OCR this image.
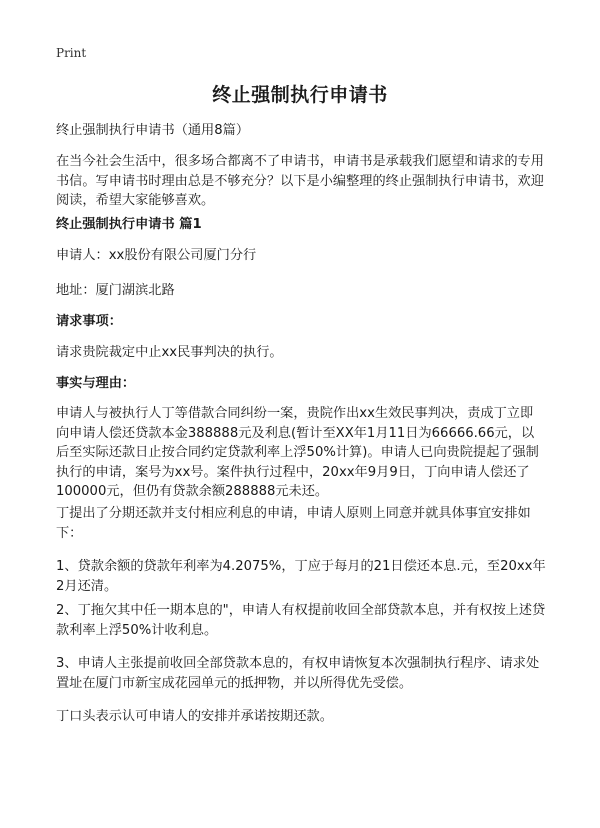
Print
终止强制执行申请书

终止强制执行申请书（通用8篇）

在当今社会生活中，很多场合都离不了申请书，申请书是承载我们愿望和请求的专用书信。写申请书时理由总是不够充分？以下是小编整理的终止强制执行申请书，欢迎阅读，希望大家能够喜欢。

终止强制执行申请书 篇1

申请人：xx股份有限公司厦门分行

地址：厦门湖滨北路

请求事项：

请求贵院裁定中止xx民事判决的执行。

事实与理由：

申请人与被执行人丁等借款合同纠纷一案，贵院作出xx生效民事判决，责成丁立即向申请人偿还贷款本金388888元及利息(暂计至XX年1月11日为66666.66元，以后至实际还款日止按合同约定贷款利率上浮50%计算)。申请人已向贵院提起了强制执行的申请，案号为xx号。案件执行过程中，20xx年9月9日，丁向申请人偿还了100000元，但仍有贷款余额288888元未还。

丁提出了分期还款并支付相应利息的申请，申请人原则上同意并就具体事宜安排如下：

1、贷款余额的贷款年利率为4.2075%，丁应于每月的21日偿还本息.元，至20xx年2月还清。

2、丁拖欠其中任一期本息的"，申请人有权提前收回全部贷款本息，并有权按上述贷款利率上浮50%计收利息。

3、申请人主张提前收回全部贷款本息的，有权申请恢复本次强制执行程序、请求处置址在厦门市新宝成花园单元的抵押物，并以所得优先受偿。

丁口头表示认可申请人的安排并承诺按期还款。
